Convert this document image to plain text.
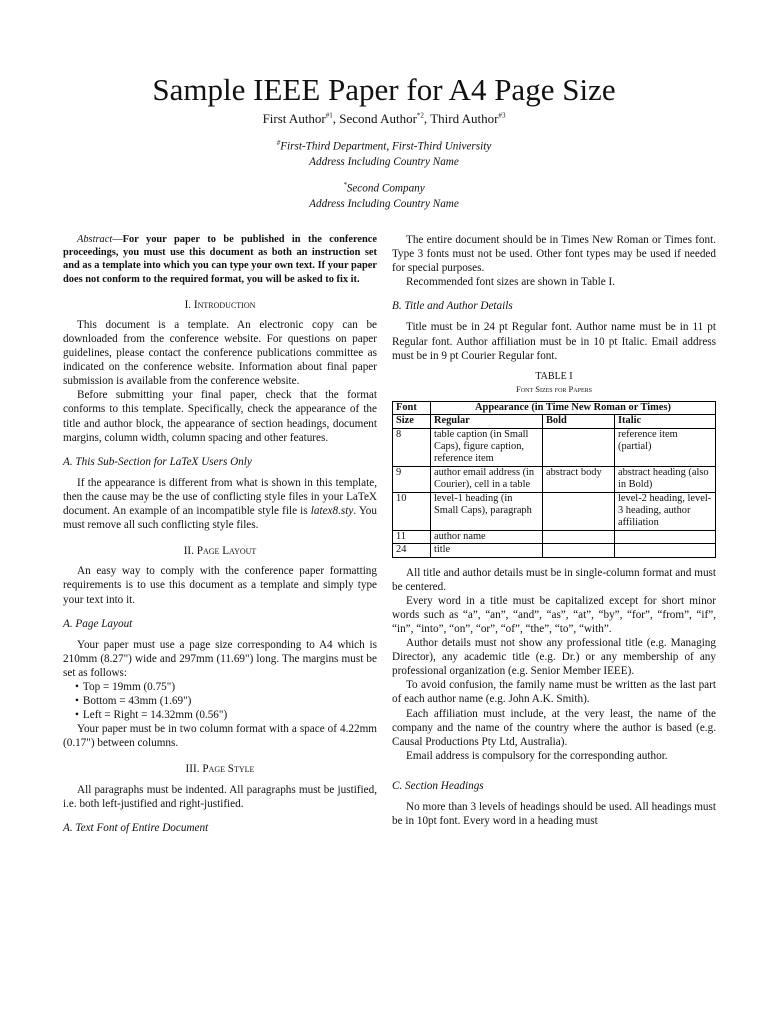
Sample IEEE Paper for A4 Page Size
First Author$^{\#1}$, Second Author$^{*2}$, Third Author$^{\#3}$
#First-Third Department, First-Third University
Address Including Country Name
*Second Company
Address Including Country Name

Abstract—For your paper to be published in the conference proceedings, you must use this document as both an instruction set and as a template into which you can type your own text. If your paper does not conform to the required format, you will be asked to fix it.

I. Introduction

This document is a template. An electronic copy can be downloaded from the conference website. For questions on paper guidelines, please contact the conference publications committee as indicated on the conference website. Information about final paper submission is available from the conference website.

Before submitting your final paper, check that the format conforms to this template. Specifically, check the appearance of the title and author block, the appearance of section headings, document margins, column width, column spacing and other features.

A. This Sub-Section for LaTeX Users Only

If the appearance is different from what is shown in this template, then the cause may be the use of conflicting style files in your LaTeX document. An example of an incompatible style file is latex8.sty. You must remove all such conflicting style files.

II. Page Layout

An easy way to comply with the conference paper formatting requirements is to use this document as a template and simply type your text into it.

A. Page Layout

Your paper must use a page size corresponding to A4 which is 210mm (8.27") wide and 297mm (11.69") long. The margins must be set as follows:

• Top = 19mm (0.75")
• Bottom = 43mm (1.69")
• Left = Right = 14.32mm (0.56")

Your paper must be in two column format with a space of 4.22mm (0.17") between columns.

III. Page Style

All paragraphs must be indented. All paragraphs must be justified, i.e. both left-justified and right-justified.

A. Text Font of Entire Document

The entire document should be in Times New Roman or Times font. Type 3 fonts must not be used. Other font types may be used if needed for special purposes.

Recommended font sizes are shown in Table I.

B. Title and Author Details

Title must be in 24 pt Regular font. Author name must be in 11 pt Regular font. Author affiliation must be in 10 pt Italic. Email address must be in 9 pt Courier Regular font.

TABLE I
Font Sizes for Papers
Font	Appearance (in Time New Roman or Times)		
Size	Regular	Bold	Italic
8	table caption (in Small Caps), figure caption, reference item		reference item (partial)
9	author email address (in Courier), cell in a table	abstract body	abstract heading (also in Bold)
10	level-1 heading (in Small Caps), paragraph		level-2 heading, level-3 heading, author affiliation
11	author name		
24	title		

All title and author details must be in single-column format and must be centered.

Every word in a title must be capitalized except for short minor words such as “a”, “an”, “and”, “as”, “at”, “by”, “for”, “from”, “if”, “in”, “into”, “on”, “or”, “of”, “the”, “to”, “with”.

Author details must not show any professional title (e.g. Managing Director), any academic title (e.g. Dr.) or any membership of any professional organization (e.g. Senior Member IEEE).

To avoid confusion, the family name must be written as the last part of each author name (e.g. John A.K. Smith).

Each affiliation must include, at the very least, the name of the company and the name of the country where the author is based (e.g. Causal Productions Pty Ltd, Australia).

Email address is compulsory for the corresponding author.

C. Section Headings

No more than 3 levels of headings should be used. All headings must be in 10pt font. Every word in a heading must
